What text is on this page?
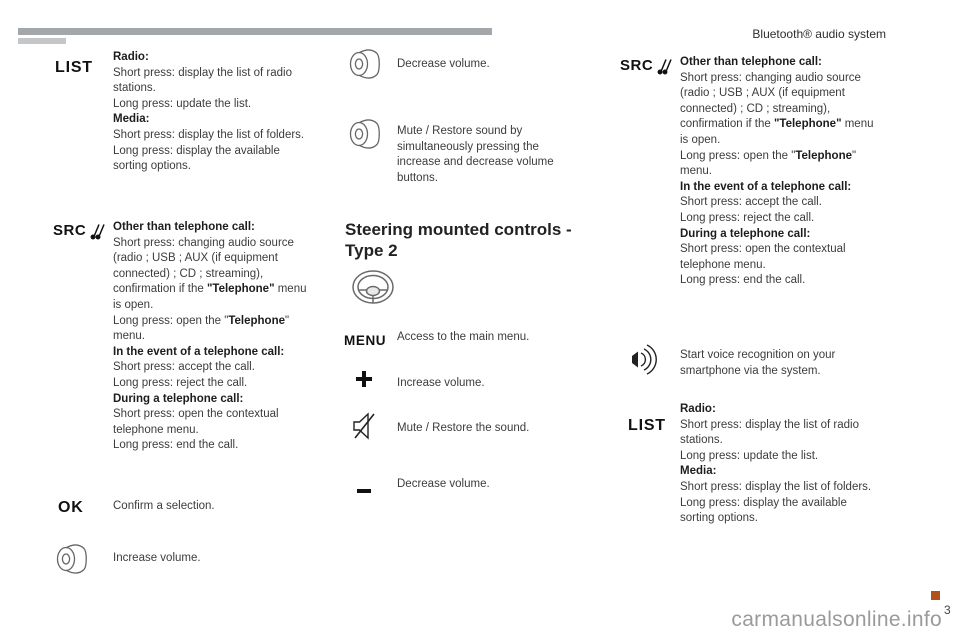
Bluetooth® audio system
LIST
Radio:
Short press: display the list of radio stations.
Long press: update the list.
Media:
Short press: display the list of folders.
Long press: display the available sorting options.
SRC Other than telephone call:
Short press: changing audio source (radio ; USB ; AUX (if equipment connected) ; CD ; streaming), confirmation if the "Telephone" menu is open.
Long press: open the "Telephone" menu.
In the event of a telephone call:
Short press: accept the call.
Long press: reject the call.
During a telephone call:
Short press: open the contextual telephone menu.
Long press: end the call.
OK	Confirm a selection.
Increase volume.
Decrease volume.
Mute / Restore sound by simultaneously pressing the increase and decrease volume buttons.
Steering mounted controls - Type 2
MENU Access to the main menu.
Increase volume.
Mute / Restore the sound.
Decrease volume.
SRC Other than telephone call:
Short press: changing audio source (radio ; USB ; AUX (if equipment connected) ; CD ; streaming), confirmation if the "Telephone" menu is open.
Long press: open the "Telephone" menu.
In the event of a telephone call:
Short press: accept the call.
Long press: reject the call.
During a telephone call:
Short press: open the contextual telephone menu.
Long press: end the call.
Start voice recognition on your smartphone via the system.
LIST
Radio:
Short press: display the list of radio stations.
Long press: update the list.
Media:
Short press: display the list of folders.
Long press: display the available sorting options.
3
carmanualsonline.info
